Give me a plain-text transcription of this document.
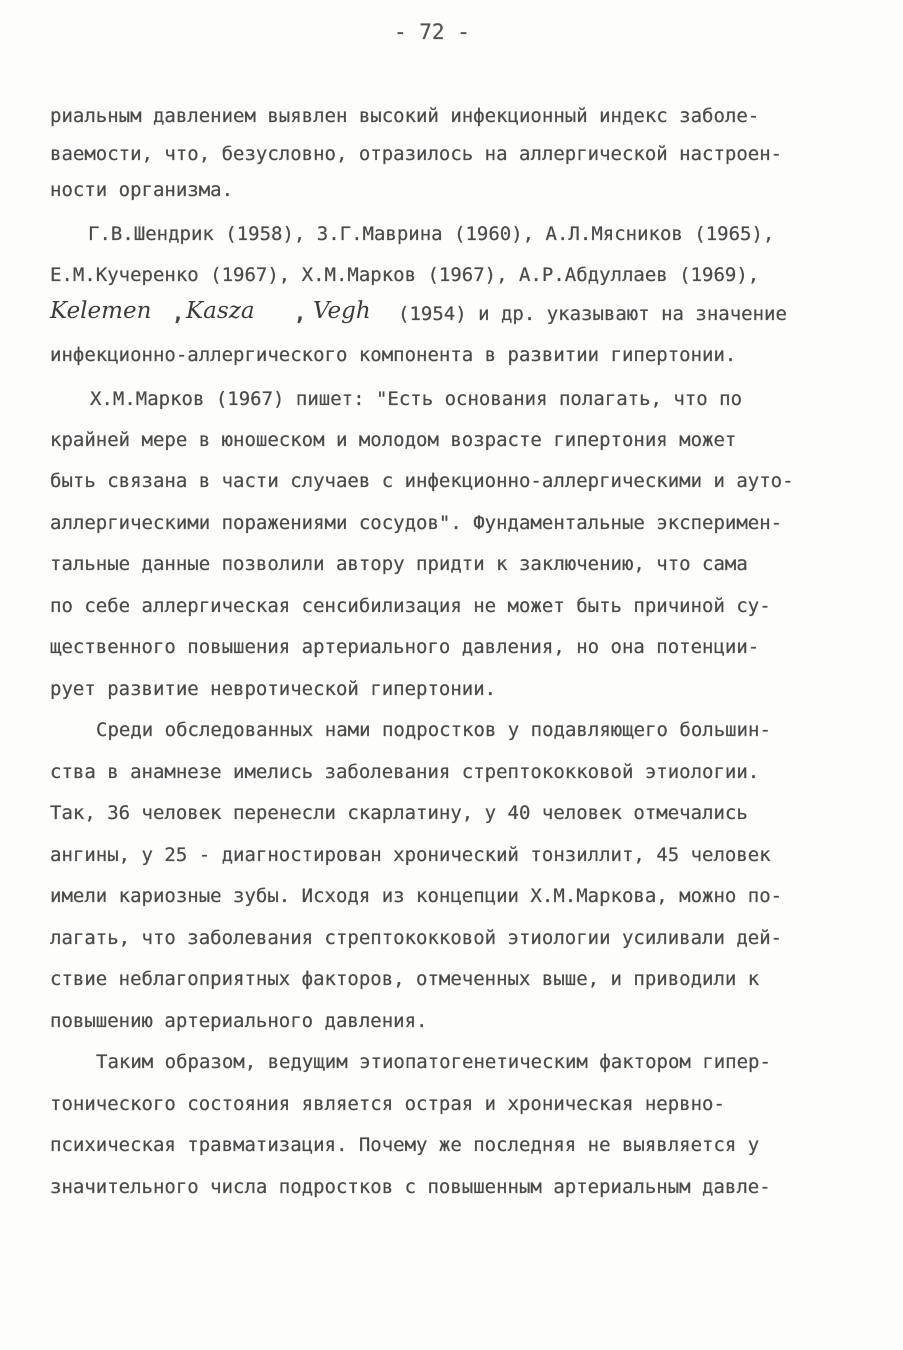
- 72 -
риальным давлением выявлен высокий инфекционный индекс заболе-
ваемости, что, безусловно, отразилось на аллергической настроен-
ности организма.
Г.В.Шендрик (1958), З.Г.Маврина (1960), А.Л.Мясников (1965),
Е.М.Кучеренко (1967), Х.М.Марков (1967), А.Р.Абдуллаев (1969),
Kelemen , Kasza , Vegh (1954) и др. указывают на значение
инфекционно-аллергического компонента в развитии гипертонии.
Х.М.Марков (1967) пишет: "Есть основания полагать, что по
крайней мере в юношеском и молодом возрасте гипертония может
быть связана в части случаев с инфекционно-аллергическими и ауто-
аллергическими поражениями сосудов". Фундаментальные эксперимен-
тальные данные позволили автору придти к заключению, что сама
по себе аллергическая сенсибилизация не может быть причиной су-
щественного повышения артериального давления, но она потенции-
рует развитие невротической гипертонии.
Среди обследованных нами подростков у подавляющего большин-
ства в анамнезе имелись заболевания стрептококковой этиологии.
Так, 36 человек перенесли скарлатину, у 40 человек отмечались
ангины, у 25 - диагностирован хронический тонзиллит, 45 человек
имели кариозные зубы. Исходя из концепции Х.М.Маркова, можно по-
лагать, что заболевания стрептококковой этиологии усиливали дей-
ствие неблагоприятных факторов, отмеченных выше, и приводили к
повышению артериального давления.
Таким образом, ведущим этиопатогенетическим фактором гипер-
тонического состояния является острая и хроническая нервно-
психическая травматизация. Почему же последняя не выявляется у
значительного числа подростков с повышенным артериальным давле-
